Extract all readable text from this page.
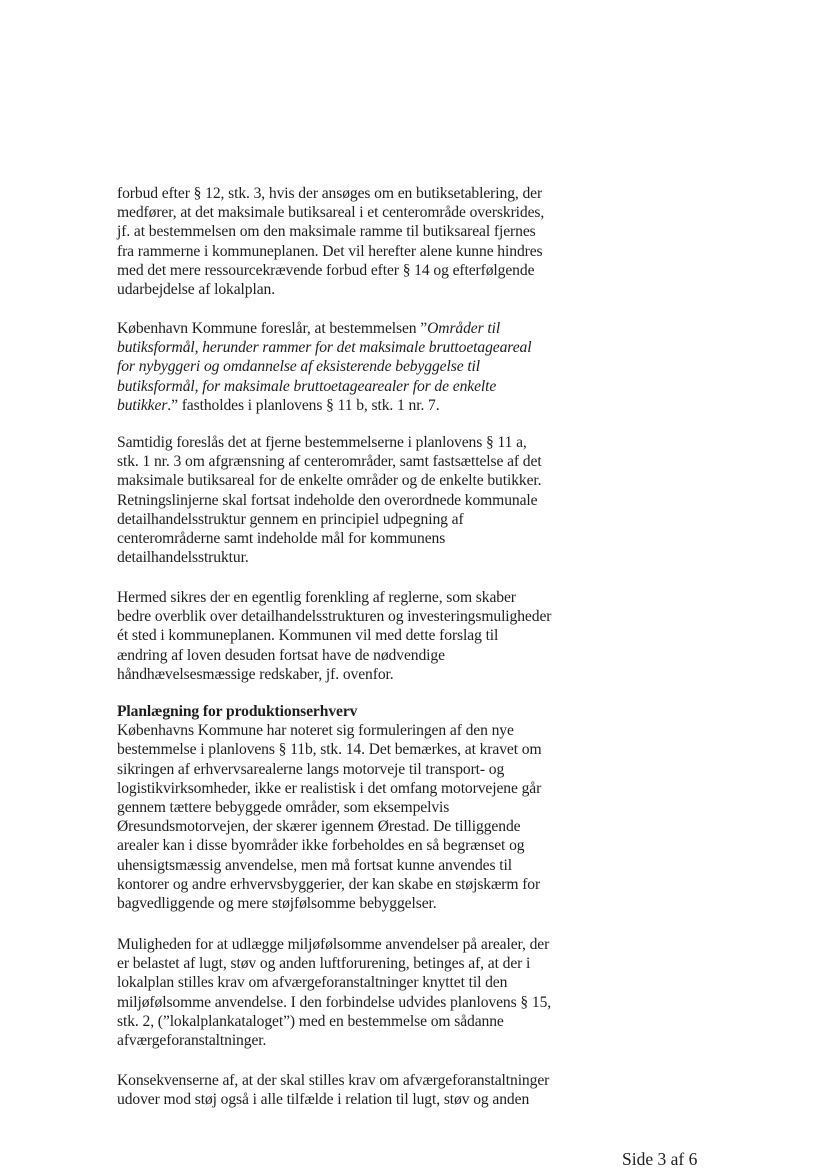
forbud efter § 12, stk. 3, hvis der ansøges om en butiksetablering, der
medfører, at det maksimale butiksareal i et centerområde overskrides,
jf. at bestemmelsen om den maksimale ramme til butiksareal fjernes
fra rammerne i kommuneplanen. Det vil herefter alene kunne hindres
med det mere ressourcekrævende forbud efter § 14 og efterfølgende
udarbejdelse af lokalplan.
København Kommune foreslår, at bestemmelsen ”Områder til
butiksformål, herunder rammer for det maksimale bruttoetageareal
for nybyggeri og omdannelse af eksisterende bebyggelse til
butiksformål, for maksimale bruttoetagearealer for de enkelte
butikker.” fastholdes i planlovens § 11 b, stk. 1 nr. 7.
Samtidig foreslås det at fjerne bestemmelserne i planlovens § 11 a,
stk. 1 nr. 3 om afgrænsning af centerområder, samt fastsættelse af det
maksimale butiksareal for de enkelte områder og de enkelte butikker.
Retningslinjerne skal fortsat indeholde den overordnede kommunale
detailhandelsstruktur gennem en principiel udpegning af
centerområderne samt indeholde mål for kommunens
detailhandelsstruktur.
Hermed sikres der en egentlig forenkling af reglerne, som skaber
bedre overblik over detailhandelsstrukturen og investeringsmuligheder
ét sted i kommuneplanen. Kommunen vil med dette forslag til
ændring af loven desuden fortsat have de nødvendige
håndhævelsesmæssige redskaber, jf. ovenfor.
Planlægning for produktionserhverv
Københavns Kommune har noteret sig formuleringen af den nye
bestemmelse i planlovens § 11b, stk. 14. Det bemærkes, at kravet om
sikringen af erhvervsarealerne langs motorveje til transport- og
logistikvirksomheder, ikke er realistisk i det omfang motorvejene går
gennem tættere bebyggede områder, som eksempelvis
Øresundsmotorvejen, der skærer igennem Ørestad. De tilliggende
arealer kan i disse byområder ikke forbeholdes en så begrænset og
uhensigtsmæssig anvendelse, men må fortsat kunne anvendes til
kontorer og andre erhvervsbyggerier, der kan skabe en støjskærm for
bagvedliggende og mere støjfølsomme bebyggelser.
Muligheden for at udlægge miljøfølsomme anvendelser på arealer, der
er belastet af lugt, støv og anden luftforurening, betinges af, at der i
lokalplan stilles krav om afværgeforanstaltninger knyttet til den
miljøfølsomme anvendelse. I den forbindelse udvides planlovens § 15,
stk. 2, (”lokalplankataloget”) med en bestemmelse om sådanne
afværgeforanstaltninger.
Konsekvenserne af, at der skal stilles krav om afværgeforanstaltninger
udover mod støj også i alle tilfælde i relation til lugt, støv og anden
Side 3 af 6
